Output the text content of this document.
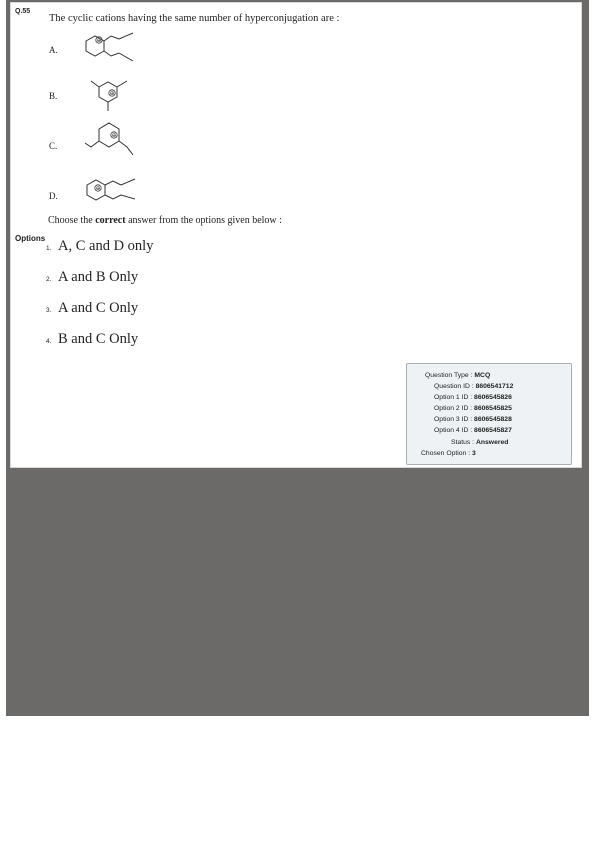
Q.55
The cyclic cations having the same number of hyperconjugation are :
A.
⊕
B.	⊕
C.
⊕
D.
⊕
Choose the correct answer from the options given below :
Options
1. A, C and D only
2. A and B Only
3. A and C Only
4. B and C Only
Question Type : MCQ
Question ID : 8606541712
Option 1 ID : 8606545826
Option 2 ID : 8606545825
Option 3 ID : 8606545828
Option 4 ID : 8606545827
Status : Answered
Chosen Option : 3
